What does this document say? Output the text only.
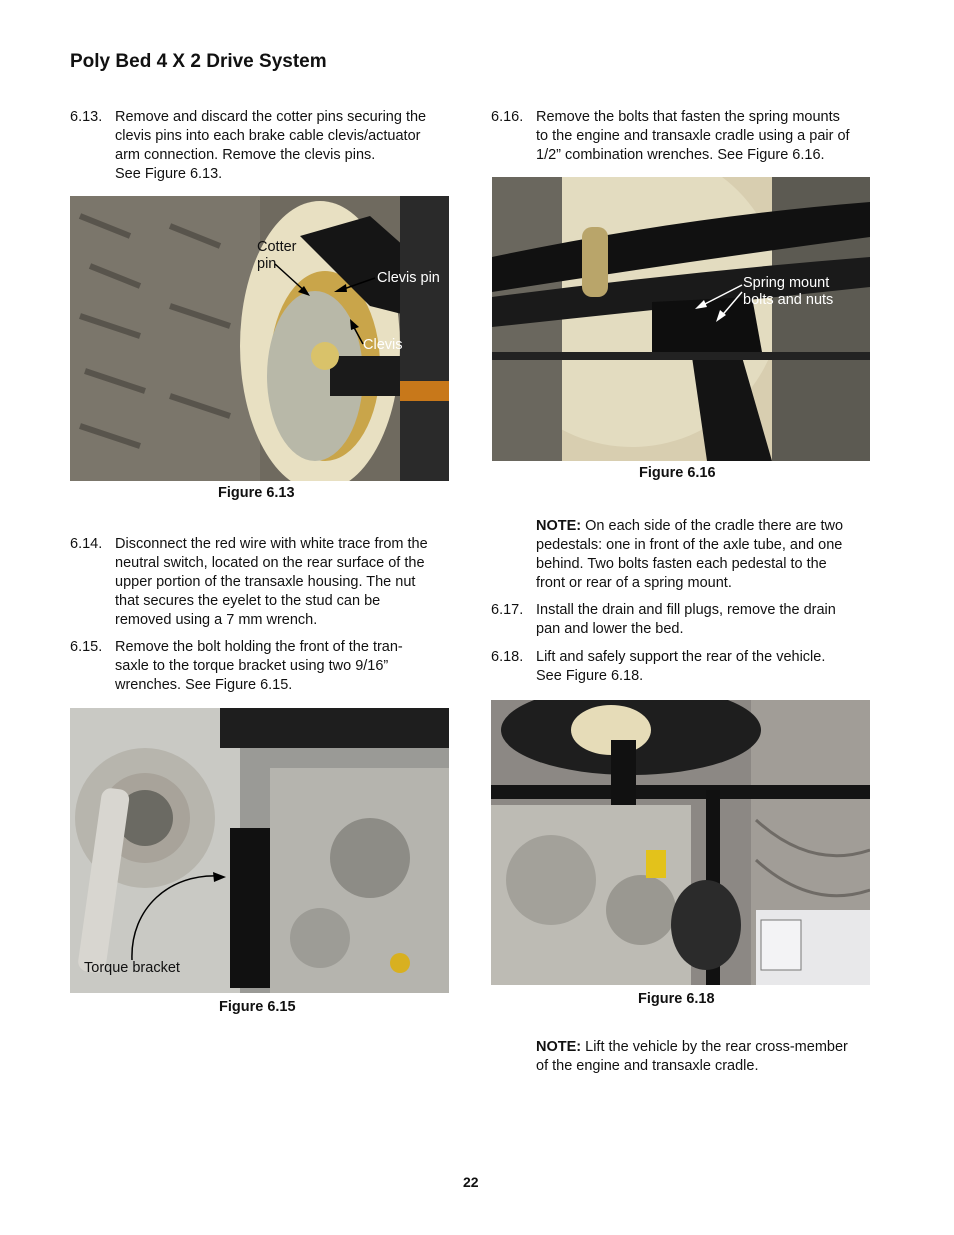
Poly Bed 4 X 2 Drive System
6.13. Remove and discard the cotter pins securing the
clevis pins into each brake cable clevis/actuator
arm connection. Remove the clevis pins.
See Figure 6.13.
Cotter
pin
Clevis pin
Clevis
Figure 6.13
6.14. Disconnect the red wire with white trace from the
neutral switch, located on the rear surface of the
upper portion of the transaxle housing. The nut
that secures the eyelet to the stud can be
removed using a 7 mm wrench.
6.15. Remove the bolt holding the front of the tran-
saxle to the torque bracket using two 9/16”
wrenches. See Figure 6.15.
Torque bracket
Figure 6.15
6.16. Remove the bolts that fasten the spring mounts
to the engine and transaxle cradle using a pair of
1/2” combination wrenches. See Figure 6.16.
Spring mount
bolts and nuts
Figure 6.16
NOTE: On each side of the cradle there are two
pedestals: one in front of the axle tube, and one
behind. Two bolts fasten each pedestal to the
front or rear of a spring mount.
6.17. Install the drain and fill plugs, remove the drain
pan and lower the bed.
6.18. Lift and safely support the rear of the vehicle.
See Figure 6.18.
Figure 6.18
NOTE: Lift the vehicle by the rear cross-member
of the engine and transaxle cradle.
22
